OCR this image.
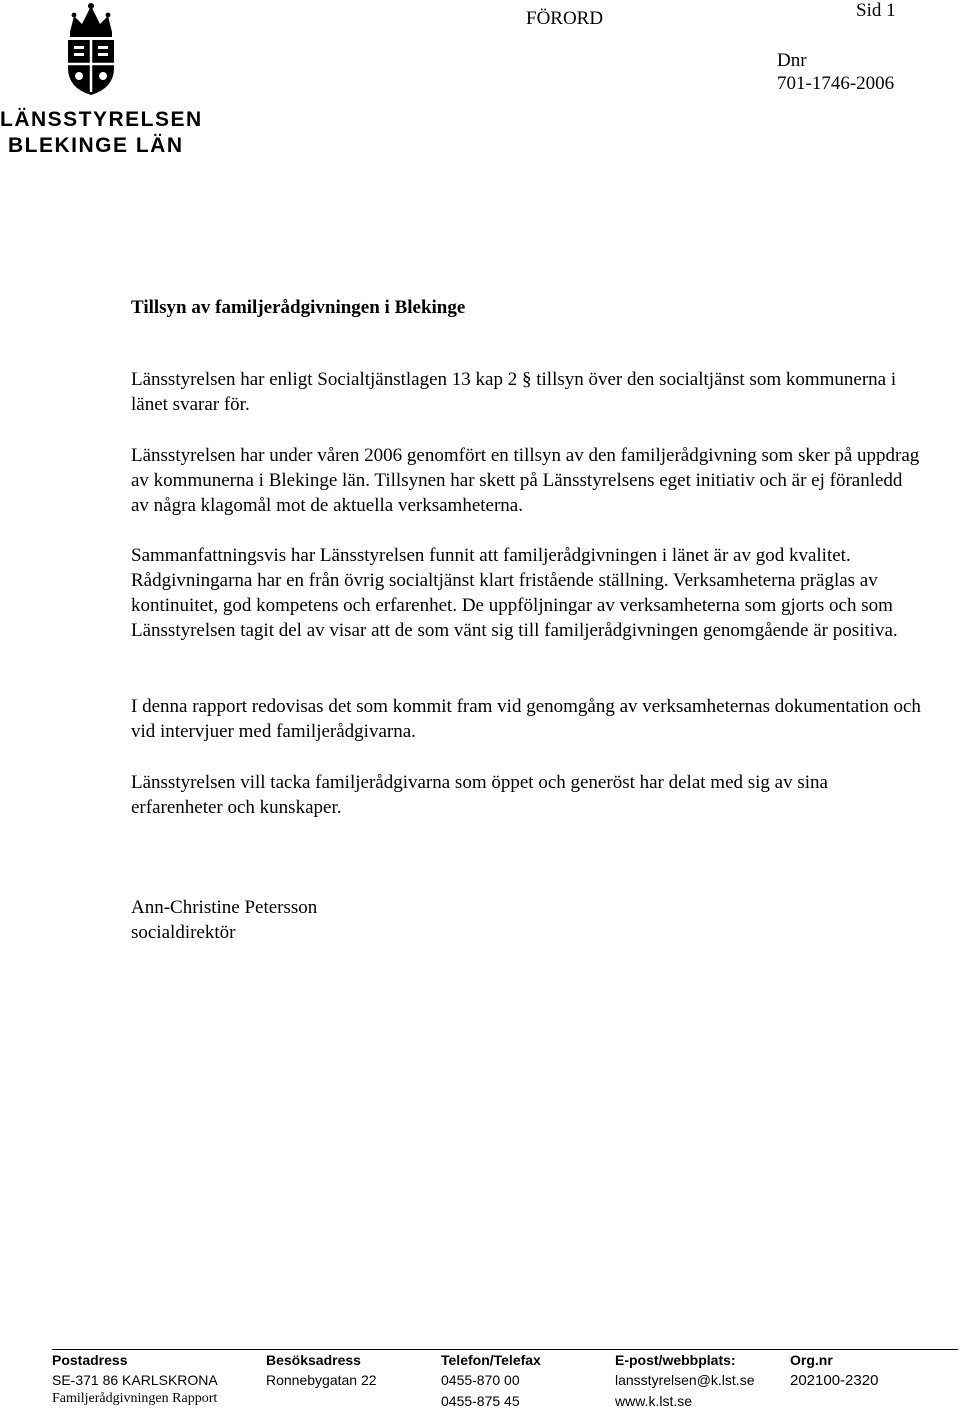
LÄNSSTYRELSEN
BLEKINGE LÄN
FÖRORD	Sid 1
Dnr
701-1746-2006
Tillsyn av familjerådgivningen i Blekinge
Länsstyrelsen har enligt Socialtjänstlagen 13 kap 2 § tillsyn över den socialtjänst som kommunerna i länet svarar för.
Länsstyrelsen har under våren 2006 genomfört en tillsyn av den familjerådgivning som sker på uppdrag av kommunerna i Blekinge län. Tillsynen har skett på Länsstyrelsens eget initiativ och är ej föranledd av några klagomål mot de aktuella verksamheterna.
Sammanfattningsvis har Länsstyrelsen funnit att familjerådgivningen i länet är av god kvalitet. Rådgivningarna har en från övrig socialtjänst klart fristående ställning. Verksamheterna präglas av kontinuitet, god kompetens och erfarenhet. De uppföljningar av verksamheterna som gjorts och som Länsstyrelsen tagit del av visar att de som vänt sig till familjerådgivningen genomgående är positiva.
I denna rapport redovisas det som kommit fram vid genomgång av verksamheternas dokumentation och vid intervjuer med familjerådgivarna.
Länsstyrelsen vill tacka familjerådgivarna som öppet och generöst har delat med sig av sina erfarenheter och kunskaper.
Ann-Christine Petersson
socialdirektör
Postadress
SE-371 86 KARLSKRONA
Familjerådgivningen Rapport
Besöksadress
Ronnebygatan 22
Telefon/Telefax
0455-870 00
0455-875 45
E-post/webbplats:
lansstyrelsen@k.lst.se
www.k.lst.se
Org.nr
202100-2320
